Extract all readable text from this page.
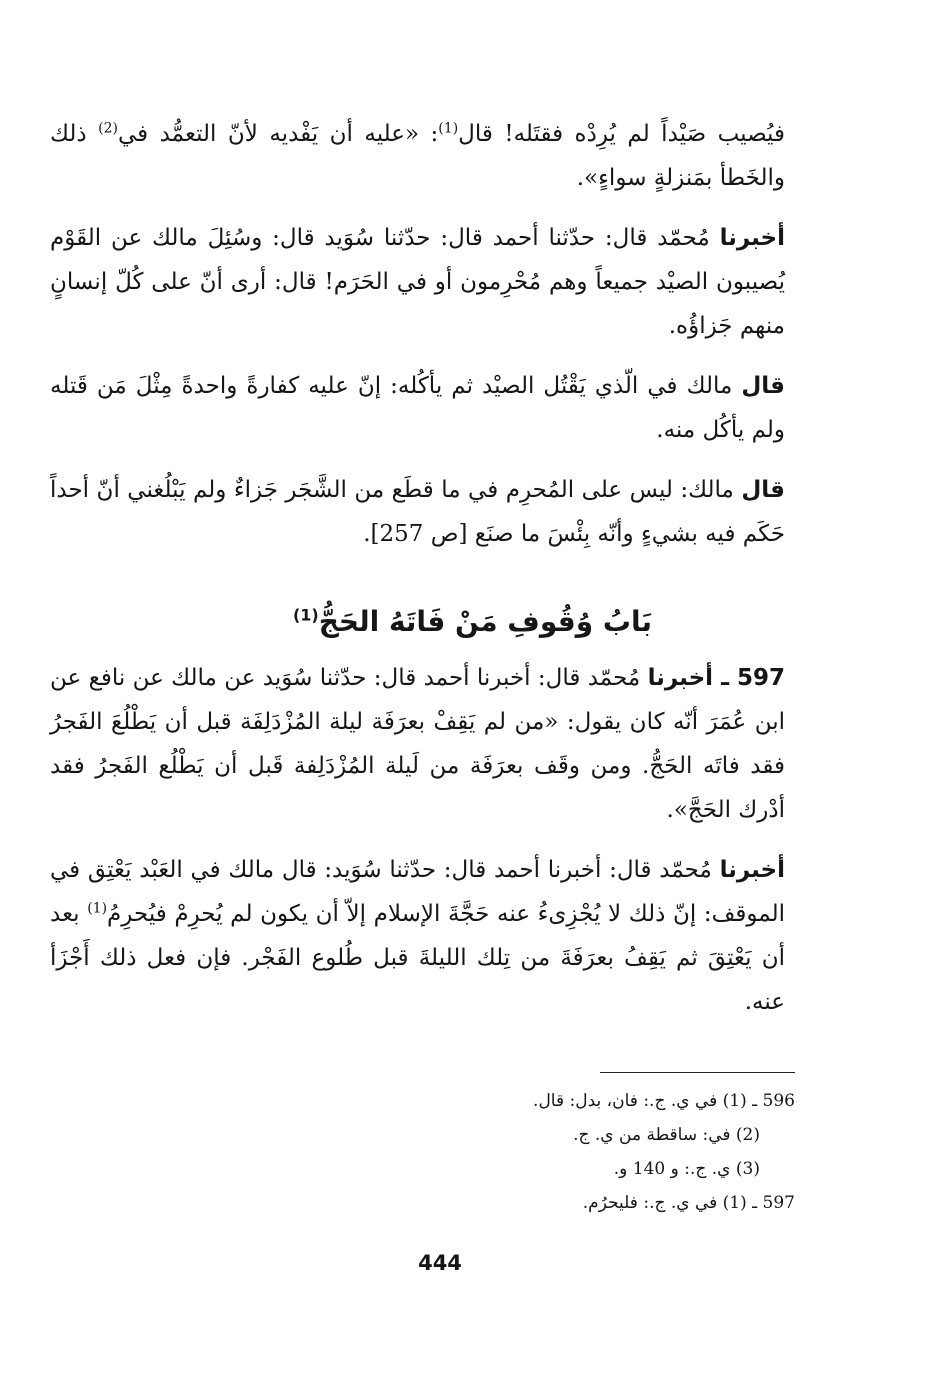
فيُصيب صَيْداً لم يُرِدْه فقتَله! قال$^{(1)}$: «عليه أن يَفْديه لأنّ التعمُّد في$^{(2)}$ ذلك والخَطأ بمَنزلةٍ سواءٍ».

أخبرنا مُحمّد قال: حدّثنا أحمد قال: حدّثنا سُوَيد قال: وسُئِلَ مالك عن القَوْم يُصيبون الصيْد جميعاً وهم مُحْرِمون أو في الحَرَم! قال: أرى أنّ على كُلّ إنسانٍ منهم جَزاؤُه.

قال مالك في الّذي يَقْتُل الصيْد ثم يأكُله: إنّ عليه كفارةً واحدةً مِثْلَ مَن قَتله ولم يأكُل منه.

قال مالك: ليس على المُحرِم في ما قطَع من الشَّجَر جَزاءٌ ولم يَبْلُغني أنّ أحداً حَكَم فيه بشيءٍ وأنّه بِئْسَ ما صنَع [ص 257].

بَابُ وُقُوفِ مَنْ فَاتَهُ الحَجُّ$^{(1)}$

597 ـ أخبرنا مُحمّد قال: أخبرنا أحمد قال: حدّثنا سُوَيد عن مالك عن نافع عن ابن عُمَرَ أنّه كان يقول: «من لم يَقِفْ بعرَفَة ليلة المُزْدَلِفَة قبل أن يَطْلُعَ الفَجرُ فقد فاتَه الحَجُّ. ومن وقَف بعرَفَة من لَيلة المُزْدَلِفة قَبل أن يَطْلُع الفَجرُ فقد أدْرك الحَجَّ».

أخبرنا مُحمّد قال: أخبرنا أحمد قال: حدّثنا سُوَيد: قال مالك في العَبْد يَعْتِق في الموقف: إنّ ذلك لا يُجْزِىءُ عنه حَجَّةَ الإسلام إلاّ أن يكون لم يُحرِمْ فيُحرِمُ$^{(1)}$ بعد أن يَعْتِقَ ثم يَقِفُ بعرَفَةَ من تِلك الليلةَ قبل طُلوع الفَجْر. فإن فعل ذلك أَجْزَأ عنه.

596 ـ (1) في ي. ج.: فان، بدل: قال.

(2) في: ساقطة من ي. ج.

(3) ي. ج.: و 140 و.

597 ـ (1) في ي. ج.: فليحرُم.

444
